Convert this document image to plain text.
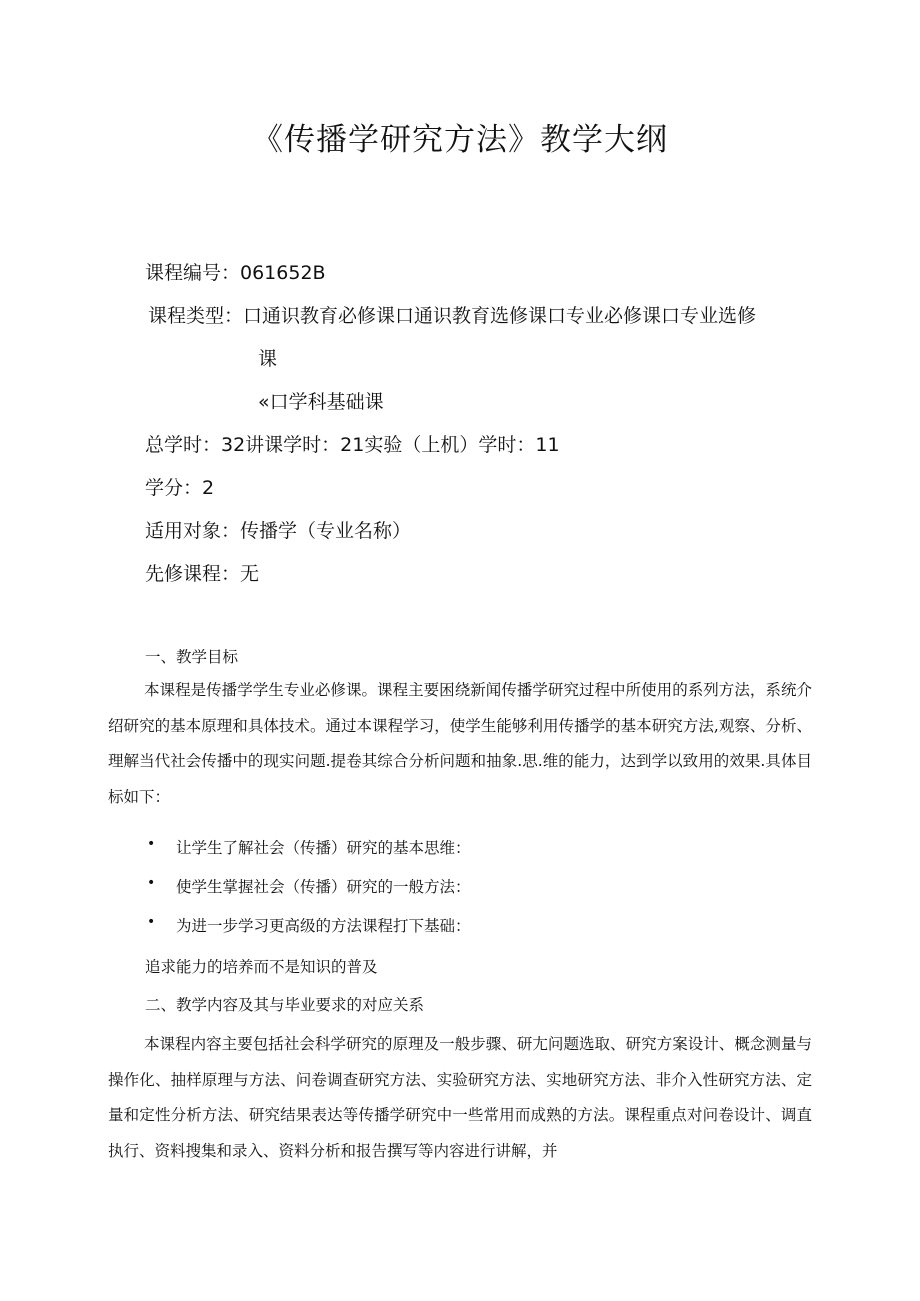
《传播学研究方法》教学大纲
课程编号：061652B
课程类型：口通识教育必修课口通识教育选修课口专业必修课口专业选修
课
«口学科基础课
总学时：32讲课学时：21实验（上机）学时：11
学分：2
适用对象：传播学（专业名称）
先修课程：无
一、教学目标
本课程是传播学学生专业必修课。课程主要困绕新闻传播学研究过程中所使用的系列方法，系统介绍研究的基本原理和具体技术。通过本课程学习，使学生能够利用传播学的基本研究方法,观察、分析、理解当代社会传播中的现实问题.提卷其综合分析问题和抽象.思.维的能力，达到学以致用的效果.具体目标如下：
• 让学生了解社会（传播）研究的基本思维：
• 使学生掌握社会（传播）研究的一般方法：
• 为进一步学习更高级的方法课程打下基础：
追求能力的培养而不是知识的普及
二、教学内容及其与毕业要求的对应关系
本课程内容主要包括社会科学研究的原理及一般步骤、研尢问题选取、研究方案设计、概念测量与操作化、抽样原理与方法、问卷调查研究方法、实验研究方法、实地研究方法、非介入性研究方法、定量和定性分析方法、研究结果表达等传播学研究中一些常用而成熟的方法。课程重点对问卷设计、调直执行、资料搜集和录入、资料分析和报告撰写等内容进行讲解，并
